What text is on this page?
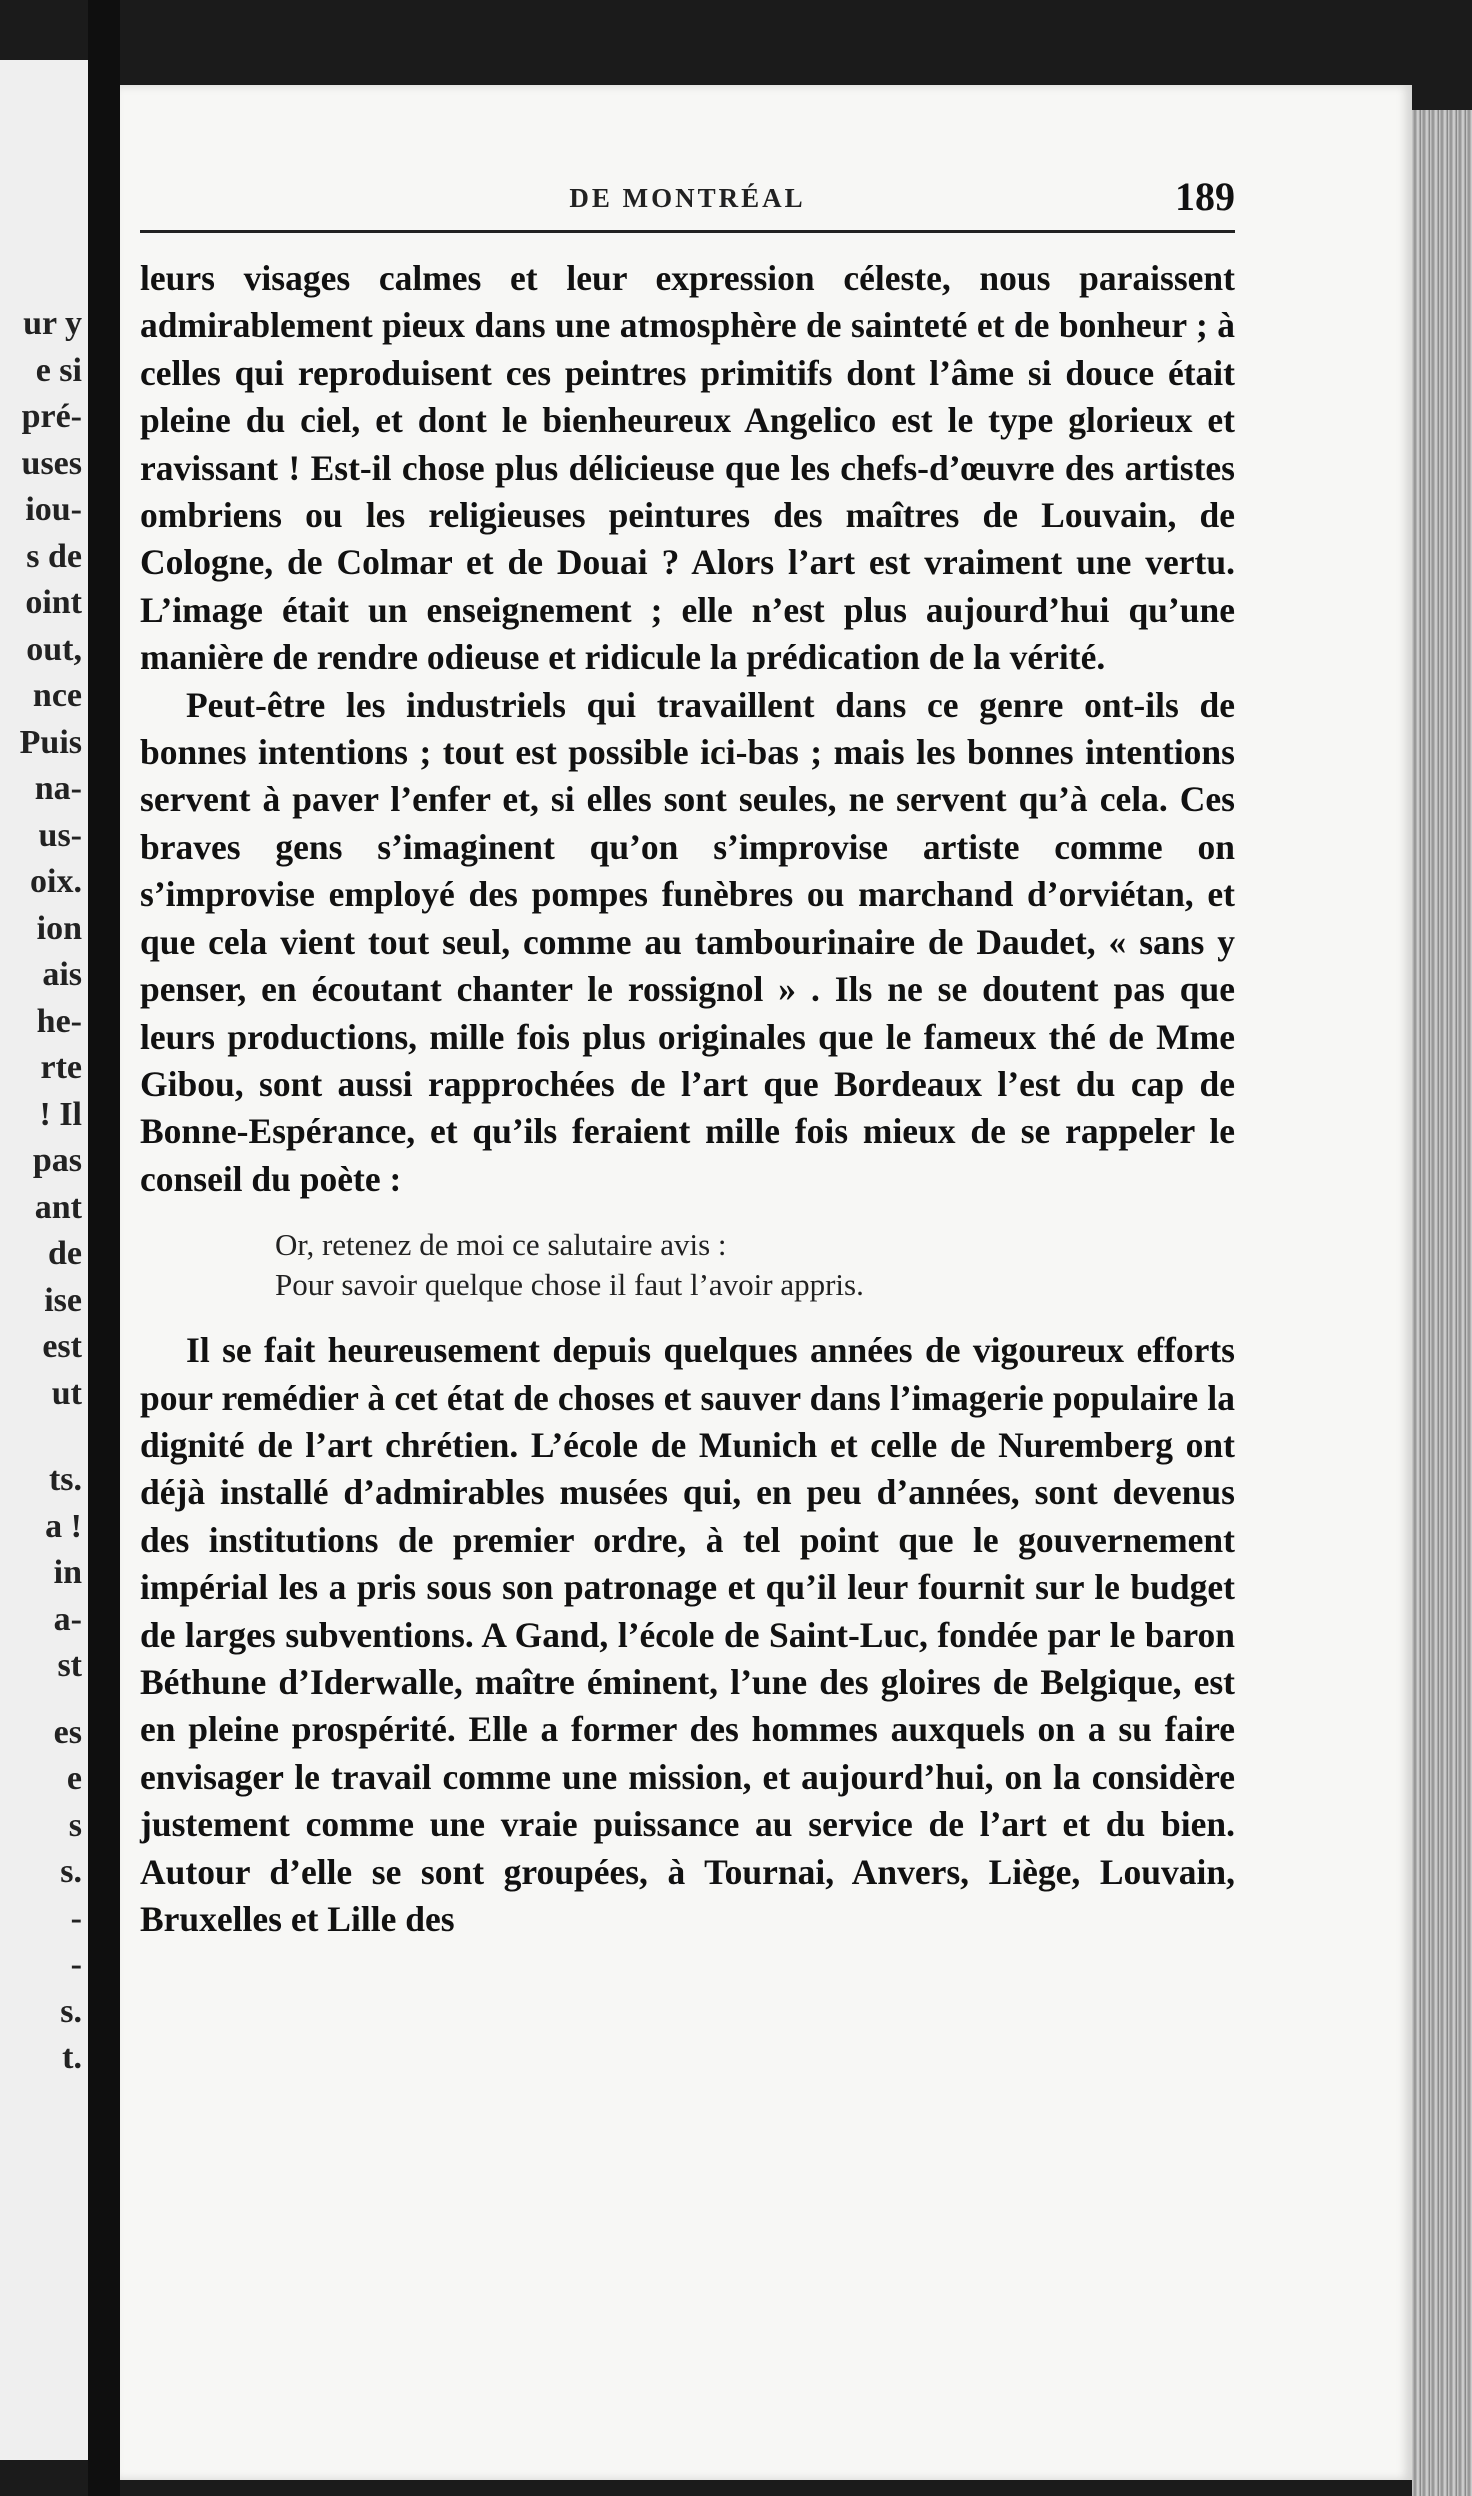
ur y
e si
pré-
uses
iou-
s de
oint
out,
nce
Puis
na-
us-
oix.
ion
ais
he-
rte
! Il
pas
ant
de
ise
est
ut
ts.
a !
in
a-
st
es
e
s
s.
-
-
s.
t.
DE MONTRÉAL	189

leurs visages calmes et leur expression céleste, nous paraissent admirablement pieux dans une atmosphère de sainteté et de bonheur ; à celles qui reproduisent ces peintres primitifs dont l’âme si douce était pleine du ciel, et dont le bienheureux Angelico est le type glorieux et ravissant ! Est-il chose plus délicieuse que les chefs-d’œuvre des artistes ombriens ou les religieuses peintures des maîtres de Louvain, de Cologne, de Colmar et de Douai ? Alors l’art est vraiment une vertu. L’image était un enseignement ; elle n’est plus aujourd’hui qu’une manière de rendre odieuse et ridicule la prédication de la vérité.

Peut-être les industriels qui travaillent dans ce genre ont-ils de bonnes intentions ; tout est possible ici-bas ; mais les bonnes intentions servent à paver l’enfer et, si elles sont seules, ne servent qu’à cela. Ces braves gens s’imaginent qu’on s’improvise artiste comme on s’improvise employé des pompes funèbres ou marchand d’orviétan, et que cela vient tout seul, comme au tambourinaire de Daudet, « sans y penser, en écoutant chanter le rossignol » . Ils ne se doutent pas que leurs productions, mille fois plus originales que le fameux thé de Mme Gibou, sont aussi rapprochées de l’art que Bordeaux l’est du cap de Bonne-Espérance, et qu’ils feraient mille fois mieux de se rappeler le conseil du poète :

Or, retenez de moi ce salutaire avis :
Pour savoir quelque chose il faut l’avoir appris.

Il se fait heureusement depuis quelques années de vigoureux efforts pour remédier à cet état de choses et sauver dans l’imagerie populaire la dignité de l’art chrétien. L’école de Munich et celle de Nuremberg ont déjà installé d’admirables musées qui, en peu d’années, sont devenus des institutions de premier ordre, à tel point que le gouvernement impérial les a pris sous son patronage et qu’il leur fournit sur le budget de larges subventions. A Gand, l’école de Saint-Luc, fondée par le baron Béthune d’Iderwalle, maître éminent, l’une des gloires de Belgique, est en pleine prospérité. Elle a former des hommes auxquels on a su faire envisager le travail comme une mission, et aujourd’hui, on la considère justement comme une vraie puissance au service de l’art et du bien. Autour d’elle se sont groupées, à Tournai, Anvers, Liège, Louvain, Bruxelles et Lille des
